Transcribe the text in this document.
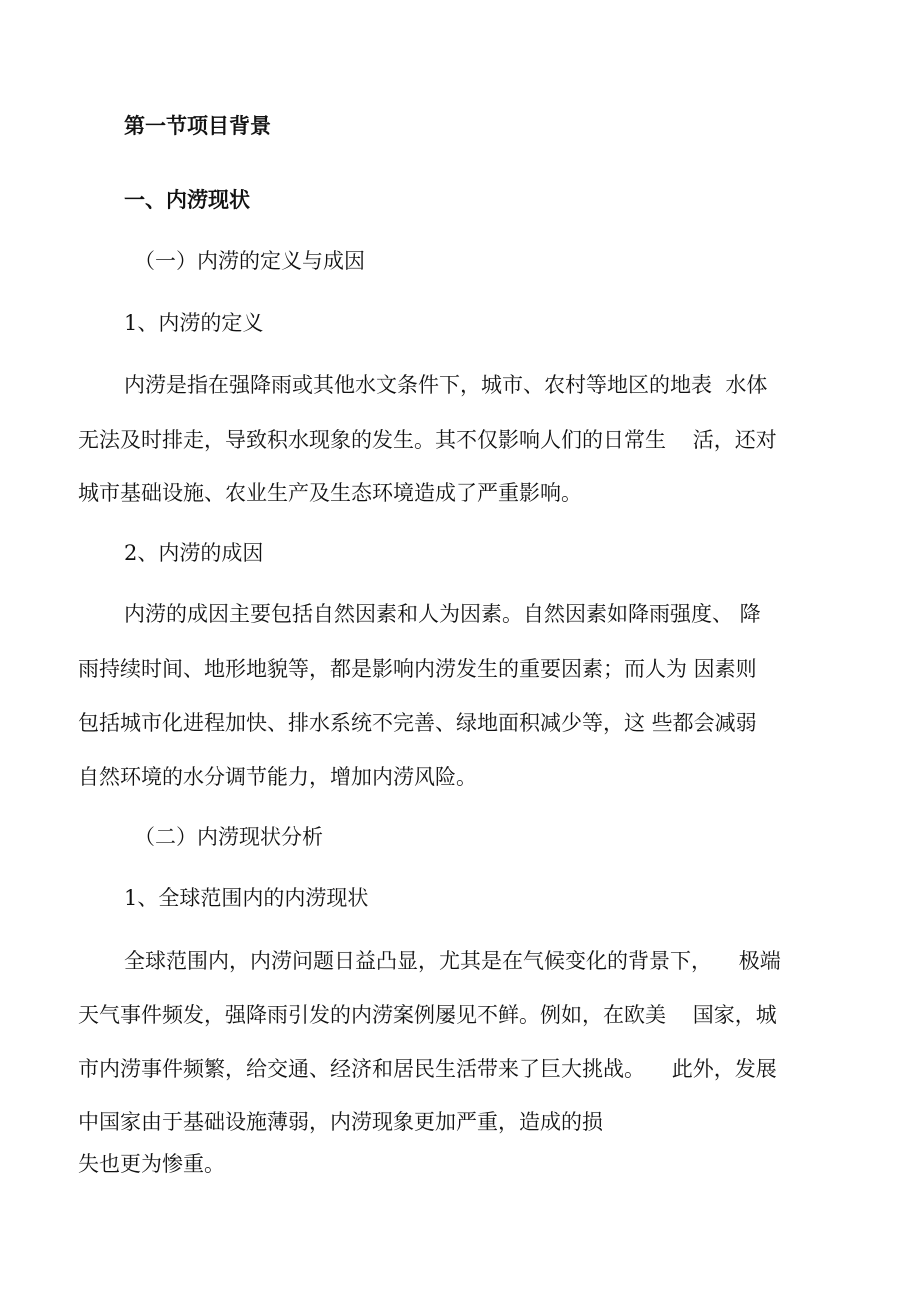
第一节项目背景
一、内涝现状
（一）内涝的定义与成因
1、内涝的定义
内涝是指在强降雨或其他水文条件下，城市、农村等地区的地表  水体
无法及时排走，导致积水现象的发生。其不仅影响人们的日常生    活，还对
城市基础设施、农业生产及生态环境造成了严重影响。
2、内涝的成因
内涝的成因主要包括自然因素和人为因素。自然因素如降雨强度、 降
雨持续时间、地形地貌等，都是影响内涝发生的重要因素；而人为 因素则
包括城市化进程加快、排水系统不完善、绿地面积减少等，这 些都会减弱
自然环境的水分调节能力，增加内涝风险。
（二）内涝现状分析
1、全球范围内的内涝现状
全球范围内，内涝问题日益凸显，尤其是在气候变化的背景下，    极端
天气事件频发，强降雨引发的内涝案例屡见不鲜。例如，在欧美    国家，城
市内涝事件频繁，给交通、经济和居民生活带来了巨大挑战。    此外，发展
中国家由于基础设施薄弱，内涝现象更加严重，造成的损
失也更为惨重。
